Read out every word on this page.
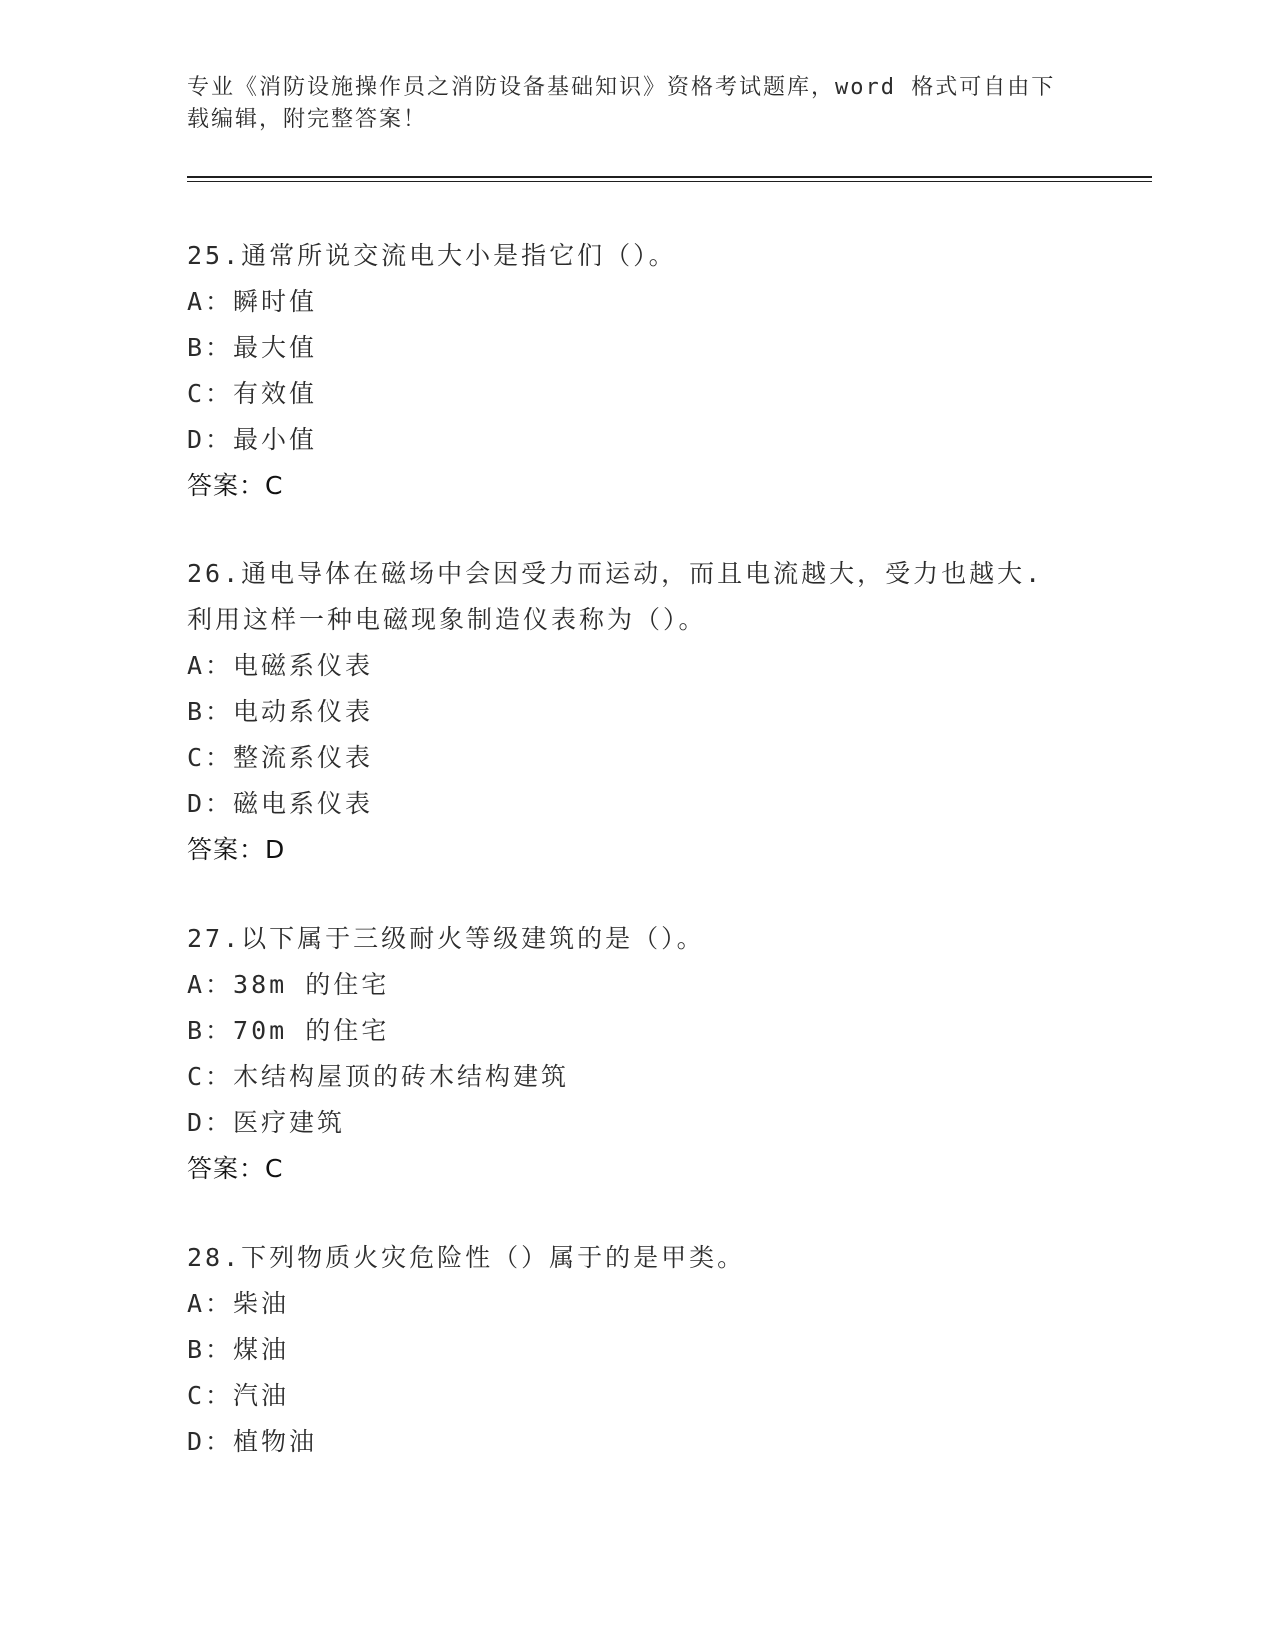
专业《消防设施操作员之消防设备基础知识》资格考试题库，word 格式可自由下
载编辑，附完整答案！

25.通常所说交流电大小是指它们（）。

A：瞬时值

B：最大值

C：有效值

D：最小值

答案：C

26.通电导体在磁场中会因受力而运动，而且电流越大，受力也越大.

利用这样一种电磁现象制造仪表称为（）。

A：电磁系仪表

B：电动系仪表

C：整流系仪表

D：磁电系仪表

答案：D

27.以下属于三级耐火等级建筑的是（）。

A：38m 的住宅

B：70m 的住宅

C：木结构屋顶的砖木结构建筑

D：医疗建筑

答案：C

28.下列物质火灾危险性（）属于的是甲类。

A：柴油

B：煤油

C：汽油

D：植物油
